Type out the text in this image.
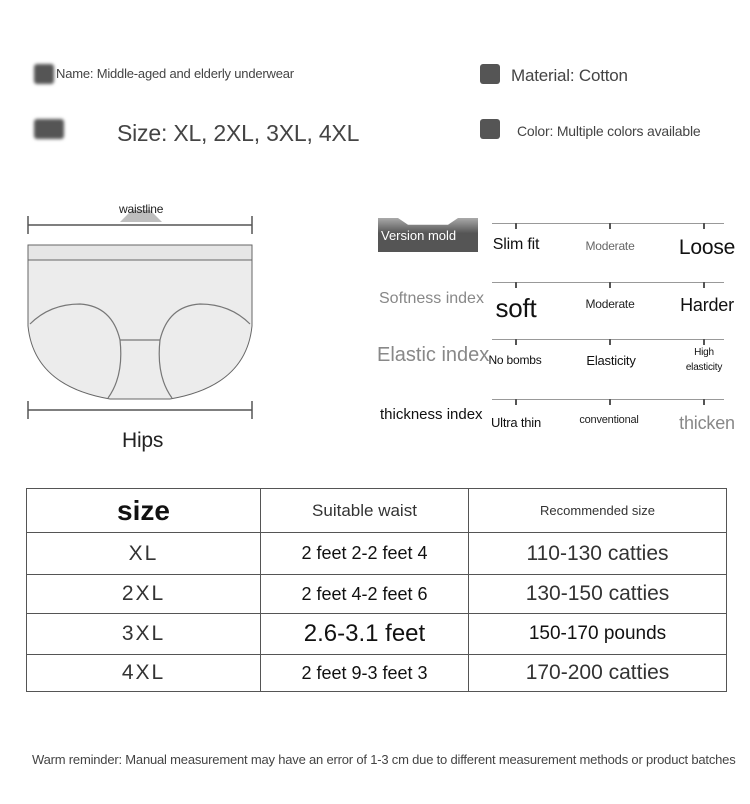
Name: Middle-aged and elderly underwear	Material: Cotton
Size: XL, 2XL, 3XL, 4XL	Color: Multiple colors available
waistline
Hips
Version mold
Slim fit	Moderate Loose
Softness index soft	Moderate	Harder
Elastic index No bombs	Elasticity
High elasticity
thickness index Ultra thin	conventional thicken
size	Suitable waist	Recommended size
XL	2 feet 2-2 feet 4	110-130 catties
2XL	2 feet 4-2 feet 6	130-150 catties
3XL	2.6-3.1 feet	150-170 pounds
4XL	2 feet 9-3 feet 3	170-200 catties
Warm reminder: Manual measurement may have an error of 1-3 cm due to different measurement methods or product batches
